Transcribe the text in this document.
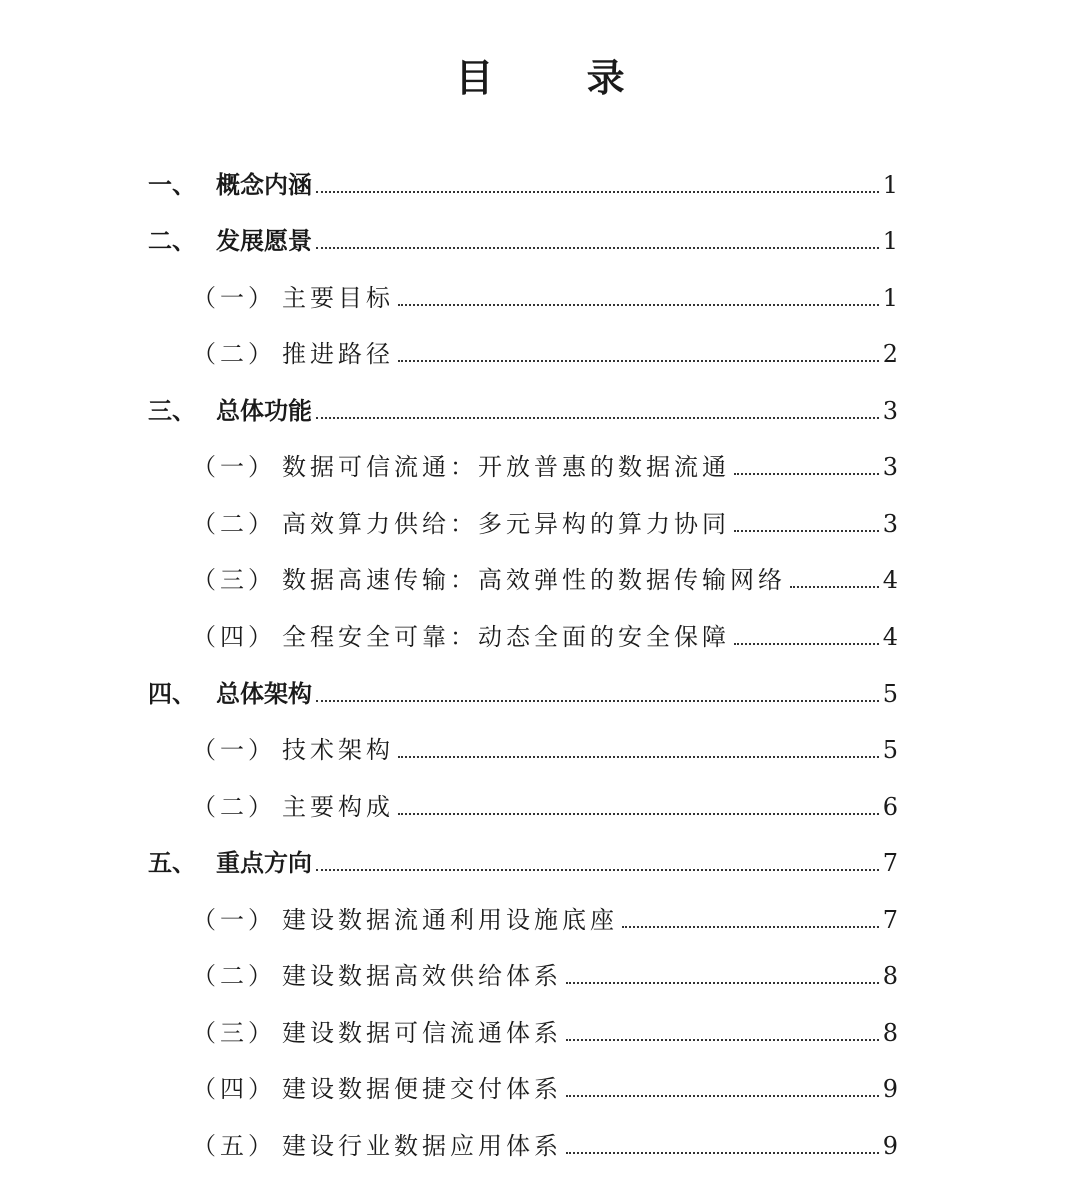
目 录
一、 概念内涵	1
二、 发展愿景	1
（一） 主要目标	1
（二） 推进路径	2
三、 总体功能	3
（一） 数据可信流通：开放普惠的数据流通	3
（二） 高效算力供给：多元异构的算力协同	3
（三） 数据高速传输：高效弹性的数据传输网络	4
（四） 全程安全可靠：动态全面的安全保障	4
四、 总体架构	5
（一） 技术架构	5
（二） 主要构成	6
五、 重点方向	7
（一） 建设数据流通利用设施底座	7
（二） 建设数据高效供给体系	8
（三） 建设数据可信流通体系	8
（四） 建设数据便捷交付体系	9
（五） 建设行业数据应用体系	9
